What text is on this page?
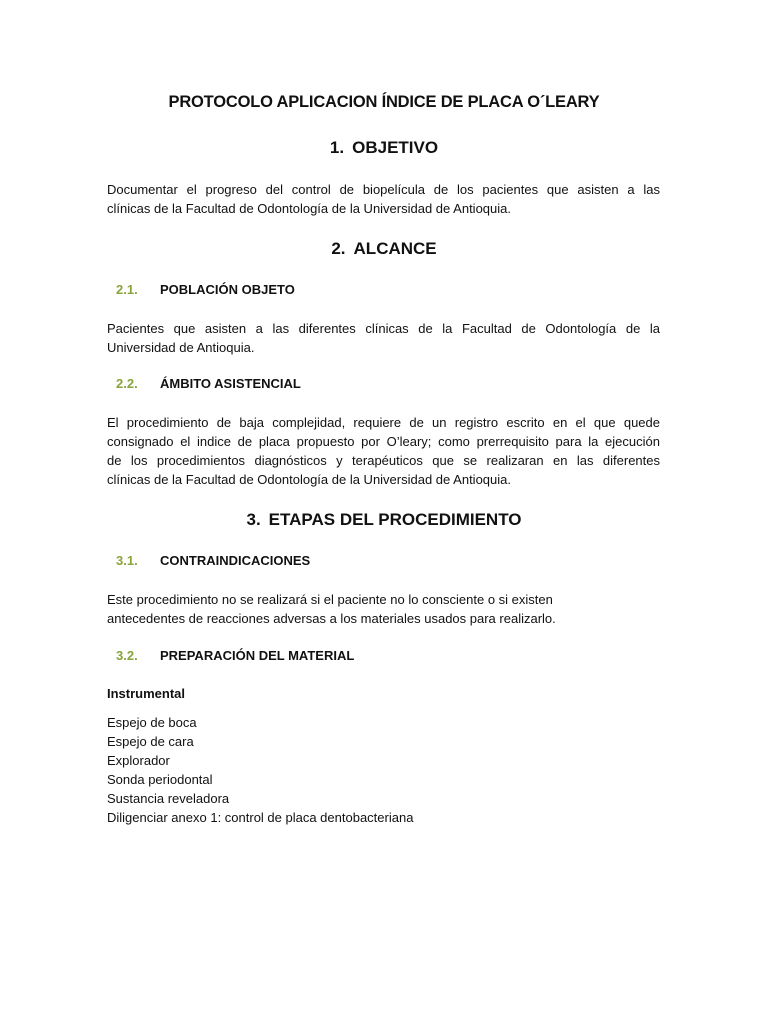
PROTOCOLO APLICACION ÍNDICE DE PLACA O´LEARY
1. OBJETIVO
Documentar el progreso del control de biopelícula de los pacientes que asisten a las
clínicas de la Facultad de Odontología de la Universidad de Antioquia.
2. ALCANCE
2.1. POBLACIÓN OBJETO
Pacientes que asisten a las diferentes clínicas de la Facultad de Odontología de la
Universidad de Antioquia.
2.2. ÁMBITO ASISTENCIAL
El procedimiento de baja complejidad, requiere de un registro escrito en el que quede
consignado el indice de placa propuesto por O’leary; como prerrequisito para la ejecución
de los procedimientos diagnósticos y terapéuticos que se realizaran en las diferentes
clínicas de la Facultad de Odontología de la Universidad de Antioquia.
3. ETAPAS DEL PROCEDIMIENTO
3.1. CONTRAINDICACIONES
Este procedimiento no se realizará si el paciente no lo consciente o si existen
antecedentes de reacciones adversas a los materiales usados para realizarlo.
3.2. PREPARACIÓN DEL MATERIAL
Instrumental
Espejo de boca
Espejo de cara
Explorador
Sonda periodontal
Sustancia reveladora
Diligenciar anexo 1: control de placa dentobacteriana
